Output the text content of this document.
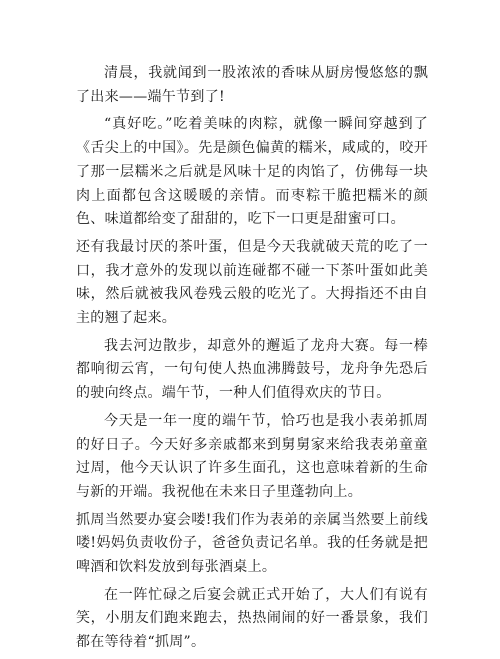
清晨，我就闻到一股浓浓的香味从厨房慢悠悠的飘了出来——端午节到了!

“真好吃。”吃着美味的肉粽，就像一瞬间穿越到了《舌尖上的中国》。先是颜色偏黄的糯米，咸咸的，咬开了那一层糯米之后就是风味十足的肉馅了，仿佛每一块肉上面都包含这暖暖的亲情。而枣粽干脆把糯米的颜色、味道都给变了甜甜的，吃下一口更是甜蜜可口。

还有我最讨厌的茶叶蛋，但是今天我就破天荒的吃了一口，我才意外的发现以前连碰都不碰一下茶叶蛋如此美味，然后就被我风卷残云般的吃光了。大拇指还不由自主的翘了起来。

我去河边散步，却意外的邂逅了龙舟大赛。每一棒都响彻云宵，一句句使人热血沸腾鼓号，龙舟争先恐后的驶向终点。端午节，一种人们值得欢庆的节日。

今天是一年一度的端午节，恰巧也是我小表弟抓周的好日子。今天好多亲戚都来到舅舅家来给我表弟童童过周，他今天认识了许多生面孔，这也意味着新的生命与新的开端。我祝他在未来日子里蓬勃向上。

抓周当然要办宴会喽!我们作为表弟的亲属当然要上前线喽!妈妈负责收份子，爸爸负责记名单。我的任务就是把啤酒和饮料发放到每张酒桌上。

在一阵忙碌之后宴会就正式开始了，大人们有说有笑，小朋友们跑来跑去，热热闹闹的好一番景象，我们都在等待着“抓周”。
